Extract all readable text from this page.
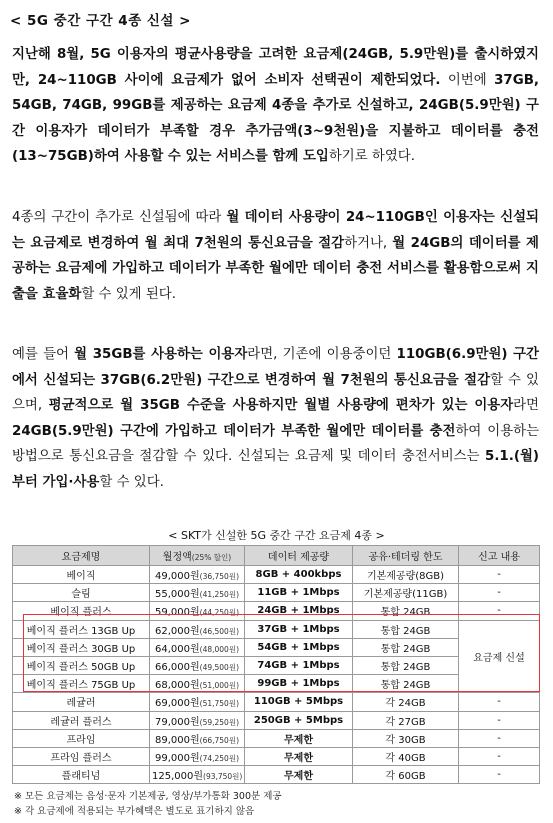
< 5G 중간 구간 4종 신설 >
지난해 8월, 5G 이용자의 평균사용량을 고려한 요금제(24GB, 5.9만원)를 출시하였지만, 24~110GB 사이에 요금제가 없어 소비자 선택권이 제한되었다. 이번에 37GB, 54GB, 74GB, 99GB를 제공하는 요금제 4종을 추가로 신설하고, 24GB(5.9만원) 구간 이용자가 데이터가 부족할 경우 추가금액(3~9천원)을 지불하고 데이터를 충전(13~75GB)하여 사용할 수 있는 서비스를 함께 도입하기로 하였다.
4종의 구간이 추가로 신설됨에 따라 월 데이터 사용량이 24~110GB인 이용자는 신설되는 요금제로 변경하여 월 최대 7천원의 통신요금을 절감하거나, 월 24GB의 데이터를 제공하는 요금제에 가입하고 데이터가 부족한 월에만 데이터 충전 서비스를 활용함으로써 지출을 효율화할 수 있게 된다.
예를 들어 월 35GB를 사용하는 이용자라면, 기존에 이용중이던 110GB(6.9만원) 구간에서 신설되는 37GB(6.2만원) 구간으로 변경하여 월 7천원의 통신요금을 절감할 수 있으며, 평균적으로 월 35GB 수준을 사용하지만 월별 사용량에 편차가 있는 이용자라면 24GB(5.9만원) 구간에 가입하고 데이터가 부족한 월에만 데이터를 충전하여 이용하는 방법으로 통신요금을 절감할 수 있다. 신설되는 요금제 및 데이터 충전서비스는 5.1.(월)부터 가입·사용할 수 있다.
< SKT가 신설한 5G 중간 구간 요금제 4종 >
요금제명	월정액(25% 할인)	데이터 제공량	공유·테더링 한도	신고 내용
베이직	49,000원(36,750원)	8GB + 400kbps	기본제공량(8GB)	-
슬림	55,000원(41,250원)	11GB + 1Mbps	기본제공량(11GB)	-
베이직 플러스	59,000원(44,250원)	24GB + 1Mbps	통합 24GB	-
베이직 플러스 13GB Up	62,000원(46,500원)	37GB + 1Mbps	통합 24GB	요금제 신설
베이직 플러스 30GB Up	64,000원(48,000원)	54GB + 1Mbps	통합 24GB	
베이직 플러스 50GB Up	66,000원(49,500원)	74GB + 1Mbps	통합 24GB	
베이직 플러스 75GB Up	68,000원(51,000원)	99GB + 1Mbps	통합 24GB	
레귤러	69,000원(51,750원)	110GB + 5Mbps	각 24GB	-
레귤러 플러스	79,000원(59,250원)	250GB + 5Mbps	각 27GB	-
프라임	89,000원(66,750원)	무제한	각 30GB	-
프라임 플러스	99,000원(74,250원)	무제한	각 40GB	-
플래티넘	125,000원(93,750원)	무제한	각 60GB	-
※ 모든 요금제는 음성·문자 기본제공, 영상/부가통화 300분 제공
※ 각 요금제에 적용되는 부가혜택은 별도로 표기하지 않음
